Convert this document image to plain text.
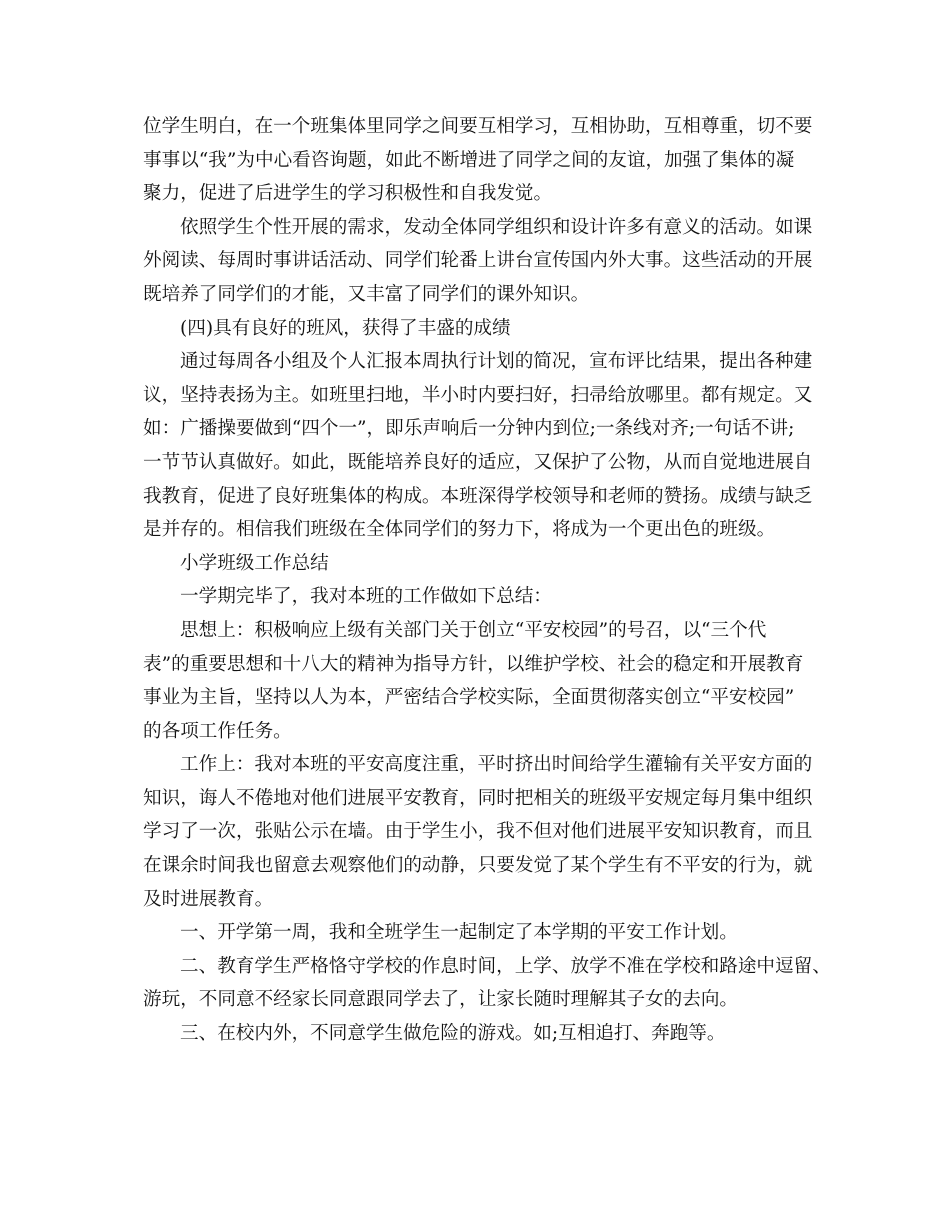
位学生明白，在一个班集体里同学之间要互相学习，互相协助，互相尊重，切不要
事事以“我”为中心看咨询题，如此不断增进了同学之间的友谊，加强了集体的凝
聚力，促进了后进学生的学习积极性和自我发觉。

依照学生个性开展的需求，发动全体同学组织和设计许多有意义的活动。如课
外阅读、每周时事讲话活动、同学们轮番上讲台宣传国内外大事。这些活动的开展
既培养了同学们的才能，又丰富了同学们的课外知识。

(四)具有良好的班风，获得了丰盛的成绩

通过每周各小组及个人汇报本周执行计划的简况，宣布评比结果，提出各种建
议，坚持表扬为主。如班里扫地，半小时内要扫好，扫帚给放哪里。都有规定。又
如：广播操要做到“四个一”，即乐声响后一分钟内到位;一条线对齐;一句话不讲;
一节节认真做好。如此，既能培养良好的适应，又保护了公物，从而自觉地进展自
我教育，促进了良好班集体的构成。本班深得学校领导和老师的赞扬。成绩与缺乏
是并存的。相信我们班级在全体同学们的努力下，将成为一个更出色的班级。

小学班级工作总结

一学期完毕了，我对本班的工作做如下总结：

思想上：积极响应上级有关部门关于创立“平安校园”的号召，以“三个代
表”的重要思想和十八大的精神为指导方针，以维护学校、社会的稳定和开展教育
事业为主旨，坚持以人为本，严密结合学校实际，全面贯彻落实创立“平安校园”
的各项工作任务。

工作上：我对本班的平安高度注重，平时挤出时间给学生灌输有关平安方面的
知识，诲人不倦地对他们进展平安教育，同时把相关的班级平安规定每月集中组织
学习了一次，张贴公示在墙。由于学生小，我不但对他们进展平安知识教育，而且
在课余时间我也留意去观察他们的动静，只要发觉了某个学生有不平安的行为，就
及时进展教育。

一、开学第一周，我和全班学生一起制定了本学期的平安工作计划。

二、教育学生严格恪守学校的作息时间，上学、放学不准在学校和路途中逗留、
游玩，不同意不经家长同意跟同学去了，让家长随时理解其子女的去向。

三、在校内外，不同意学生做危险的游戏。如;互相追打、奔跑等。
